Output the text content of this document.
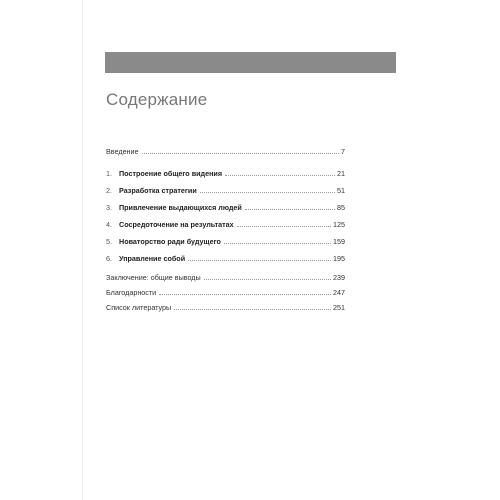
Содержание
Введение	7
1. Построение общего видения	21
2. Разработка стратегии	51
3. Привлечение выдающихся людей	85
4. Сосредоточение на результатах	125
5. Новаторство ради будущего	159
6. Управление собой	195
Заключение: общие выводы	239
Благодарности	247
Список литературы	251
